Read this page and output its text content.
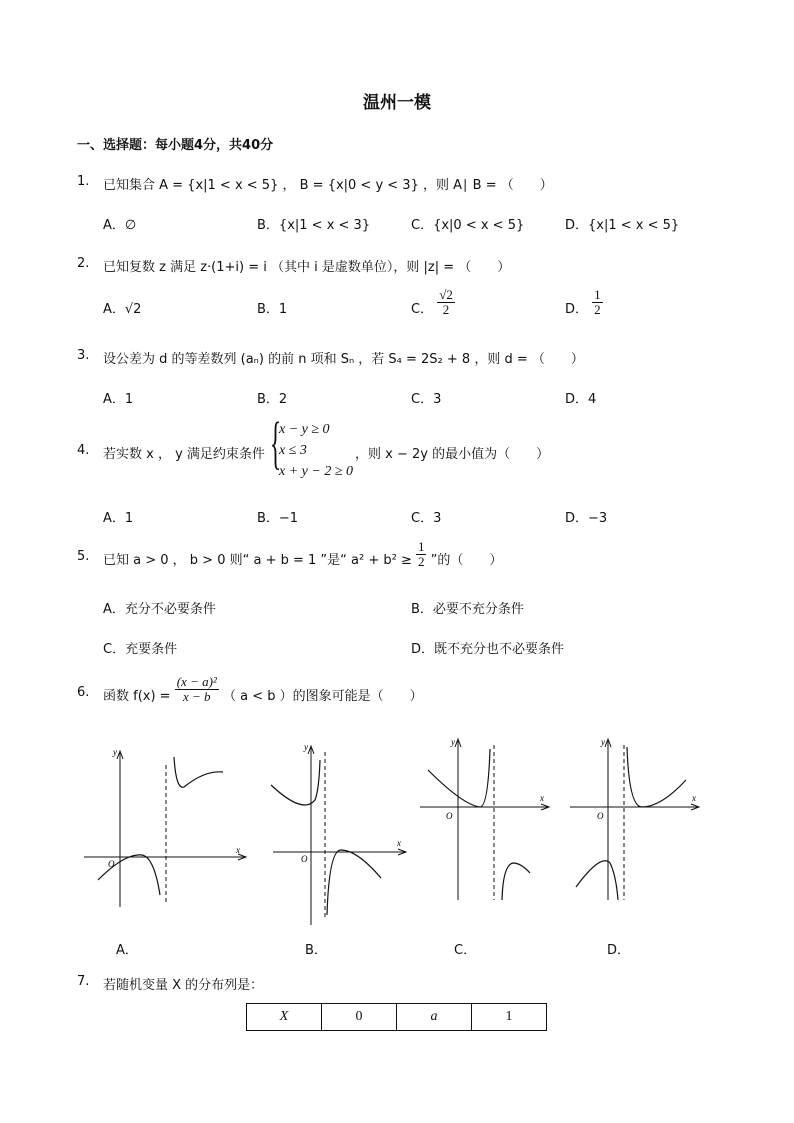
温州一模
一、选择题：每小题4分，共40分
1. 已知集合 A = {x|1 < x < 5} ， B = {x|0 < y < 3} ，则 A∣ B = （　　）
A．∅	B．{x|1 < x < 3}	C．{x|0 < x < 5}	D．{x|1 < x < 5}
2. 已知复数 z 满足 z·(1+i) = i （其中 i 是虚数单位），则 |z| = （　　）
A．√2	B．1	C． $\frac{√2}{2}$	D． $\frac{1}{2}$
3. 设公差为 d 的等差数列 (aₙ) 的前 n 项和 Sₙ ，若 S₄ = 2S₂ + 8 ，则 d = （　　）
A．1	B．2	C．3	D．4
4. 若实数 x ， y 满足约束条件 {
x − y ≥ 0
x ≤ 3
x + y − 2 ≥ 0
，则 x − 2y 的最小值为（　　）
A．1	B．−1	C．3	D．−3
5. 已知 a > 0 ， b > 0 则“ a + b = 1 ”是“ $a^2 + b^2 \ge \frac{1}{2}$ ”的（　　）
A．充分不必要条件	B．必要不充分条件
C．充要条件	D．既不充分也不必要条件
6. 函数 $f(x) = \frac{\text{(x − a)²}}{x - b}$ （ a < b ）的图象可能是（　　）
y
x
O
A．
y
x
O
B．
y
x
O
C．
y
x
O
D．
7. 若随机变量 X 的分布列是：
X	0	a	1
